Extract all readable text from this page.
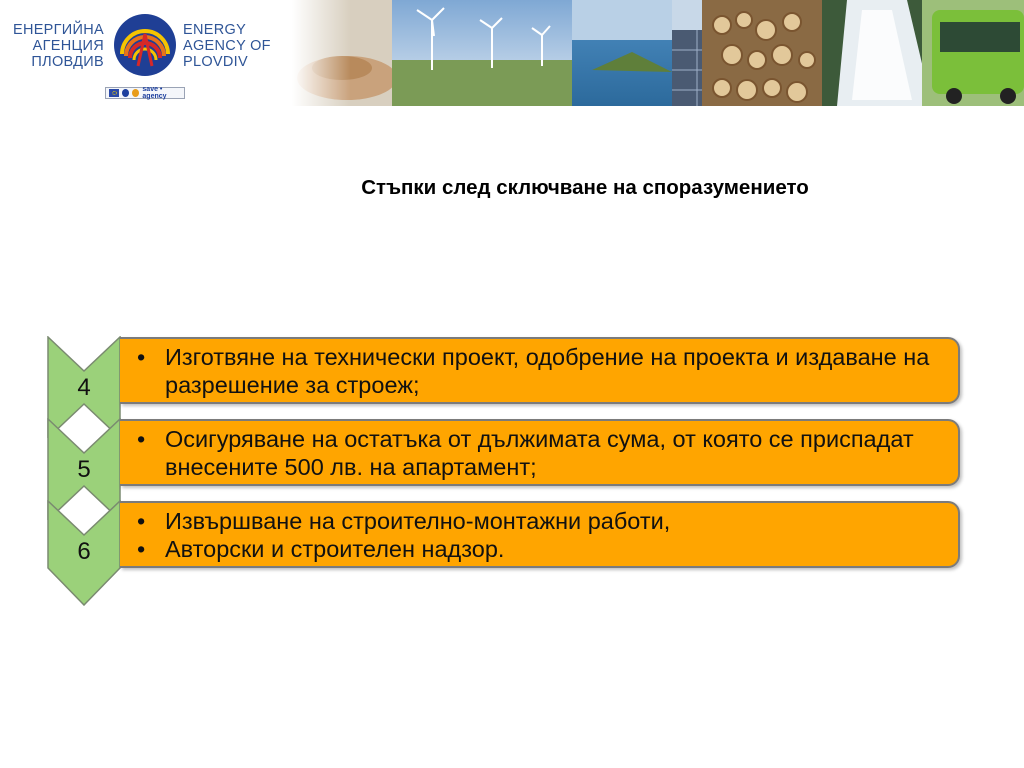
ЕНЕРГИЙНА
АГЕНЦИЯ
ПЛОВДИВ
ENERGY
AGENCY OF
PLOVDIV
save • agency
Стъпки след сключване на споразумението
4
• Изготвяне на технически проект, одобрение на проекта и издаване на разрешение за строеж;
5
• Осигуряване на остатъка от дължимата сума, от която се приспадат внесените 500 лв. на апартамент;
6
• Извършване на строително-монтажни работи,
• Авторски и строителен надзор.
